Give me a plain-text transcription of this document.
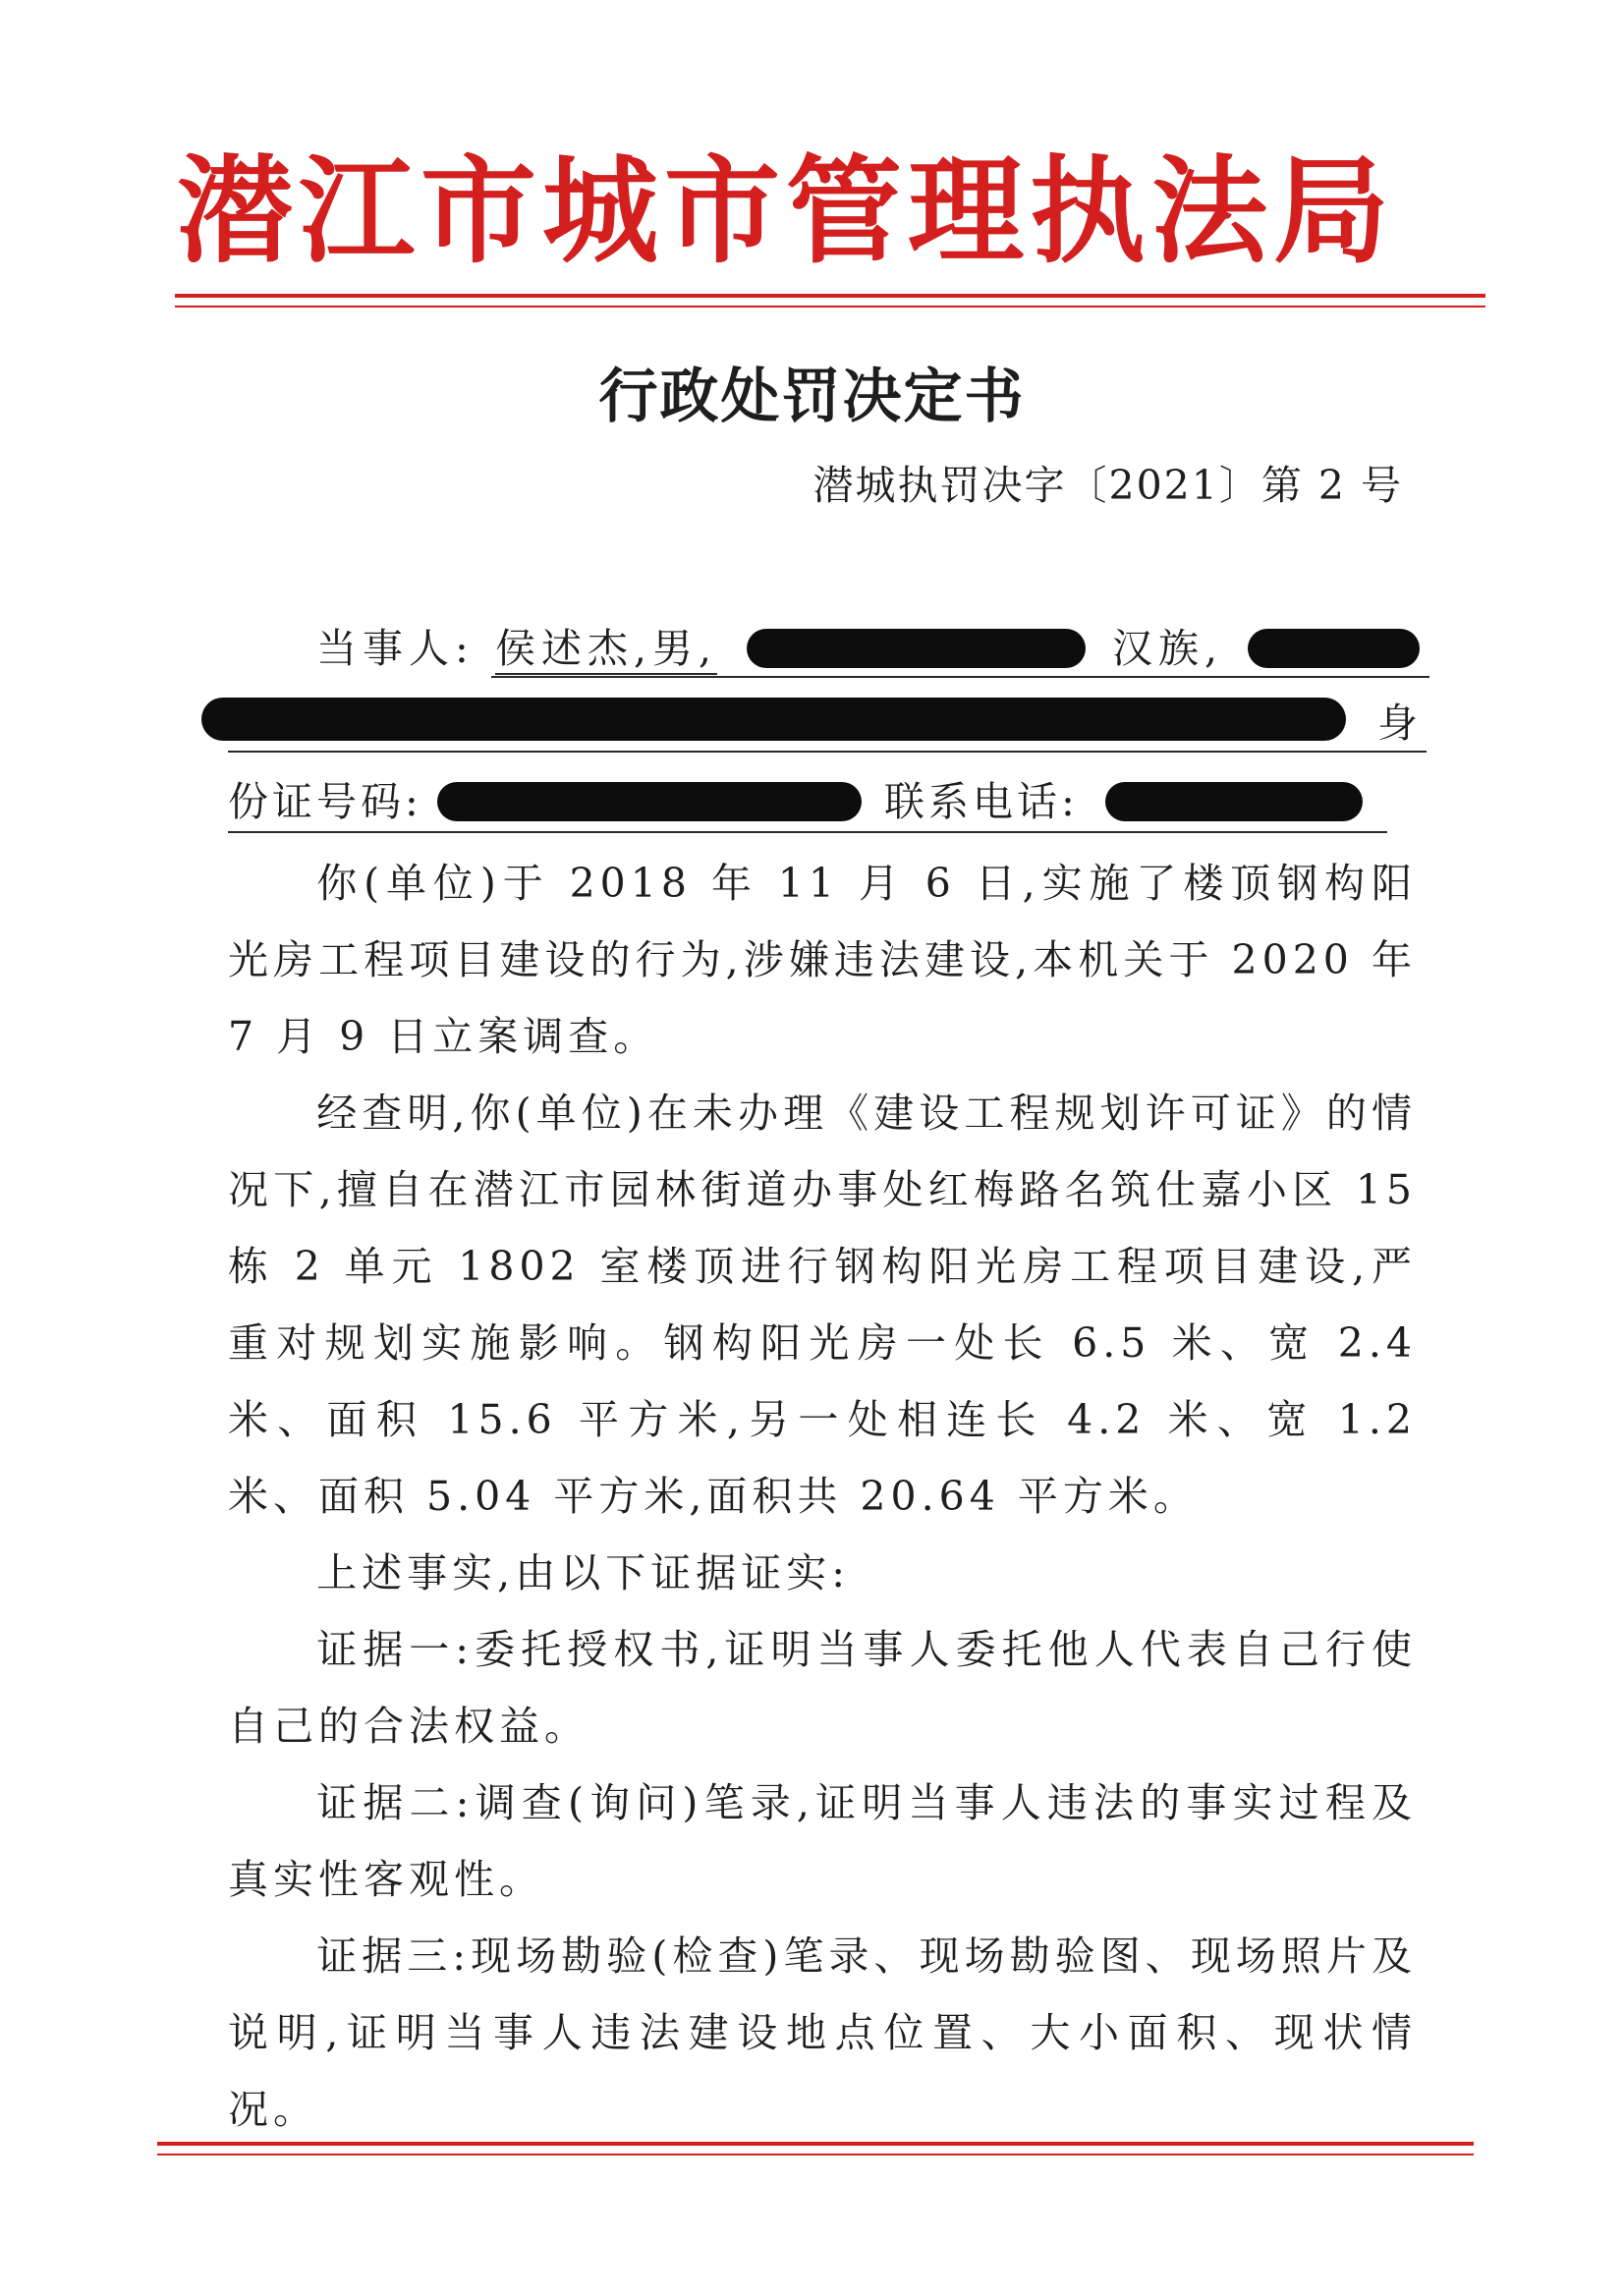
潜江市城市管理执法局
行政处罚决定书
潜城执罚决字〔2021〕第 2 号
当事人: 侯述杰,男,	汉族,
身
份证号码:	联系电话:

你(单位)于 2018 年 11 月 6 日,实施了楼顶钢构阳光房工程项目建设的行为,涉嫌违法建设,本机关于 2020 年 7 月 9 日立案调查。

经查明,你(单位)在未办理《建设工程规划许可证》的情况下,擅自在潜江市园林街道办事处红梅路名筑仕嘉小区 15 栋 2 单元 1802 室楼顶进行钢构阳光房工程项目建设,严重对规划实施影响。钢构阳光房一处长 6.5 米、宽 2.4 米、面积 15.6 平方米,另一处相连长 4.2 米、宽 1.2 米、面积 5.04 平方米,面积共 20.64 平方米。

上述事实,由以下证据证实:

证据一:委托授权书,证明当事人委托他人代表自己行使自己的合法权益。

证据二:调查(询问)笔录,证明当事人违法的事实过程及真实性客观性。

证据三:现场勘验(检查)笔录、现场勘验图、现场照片及说明,证明当事人违法建设地点位置、大小面积、现状情况。
